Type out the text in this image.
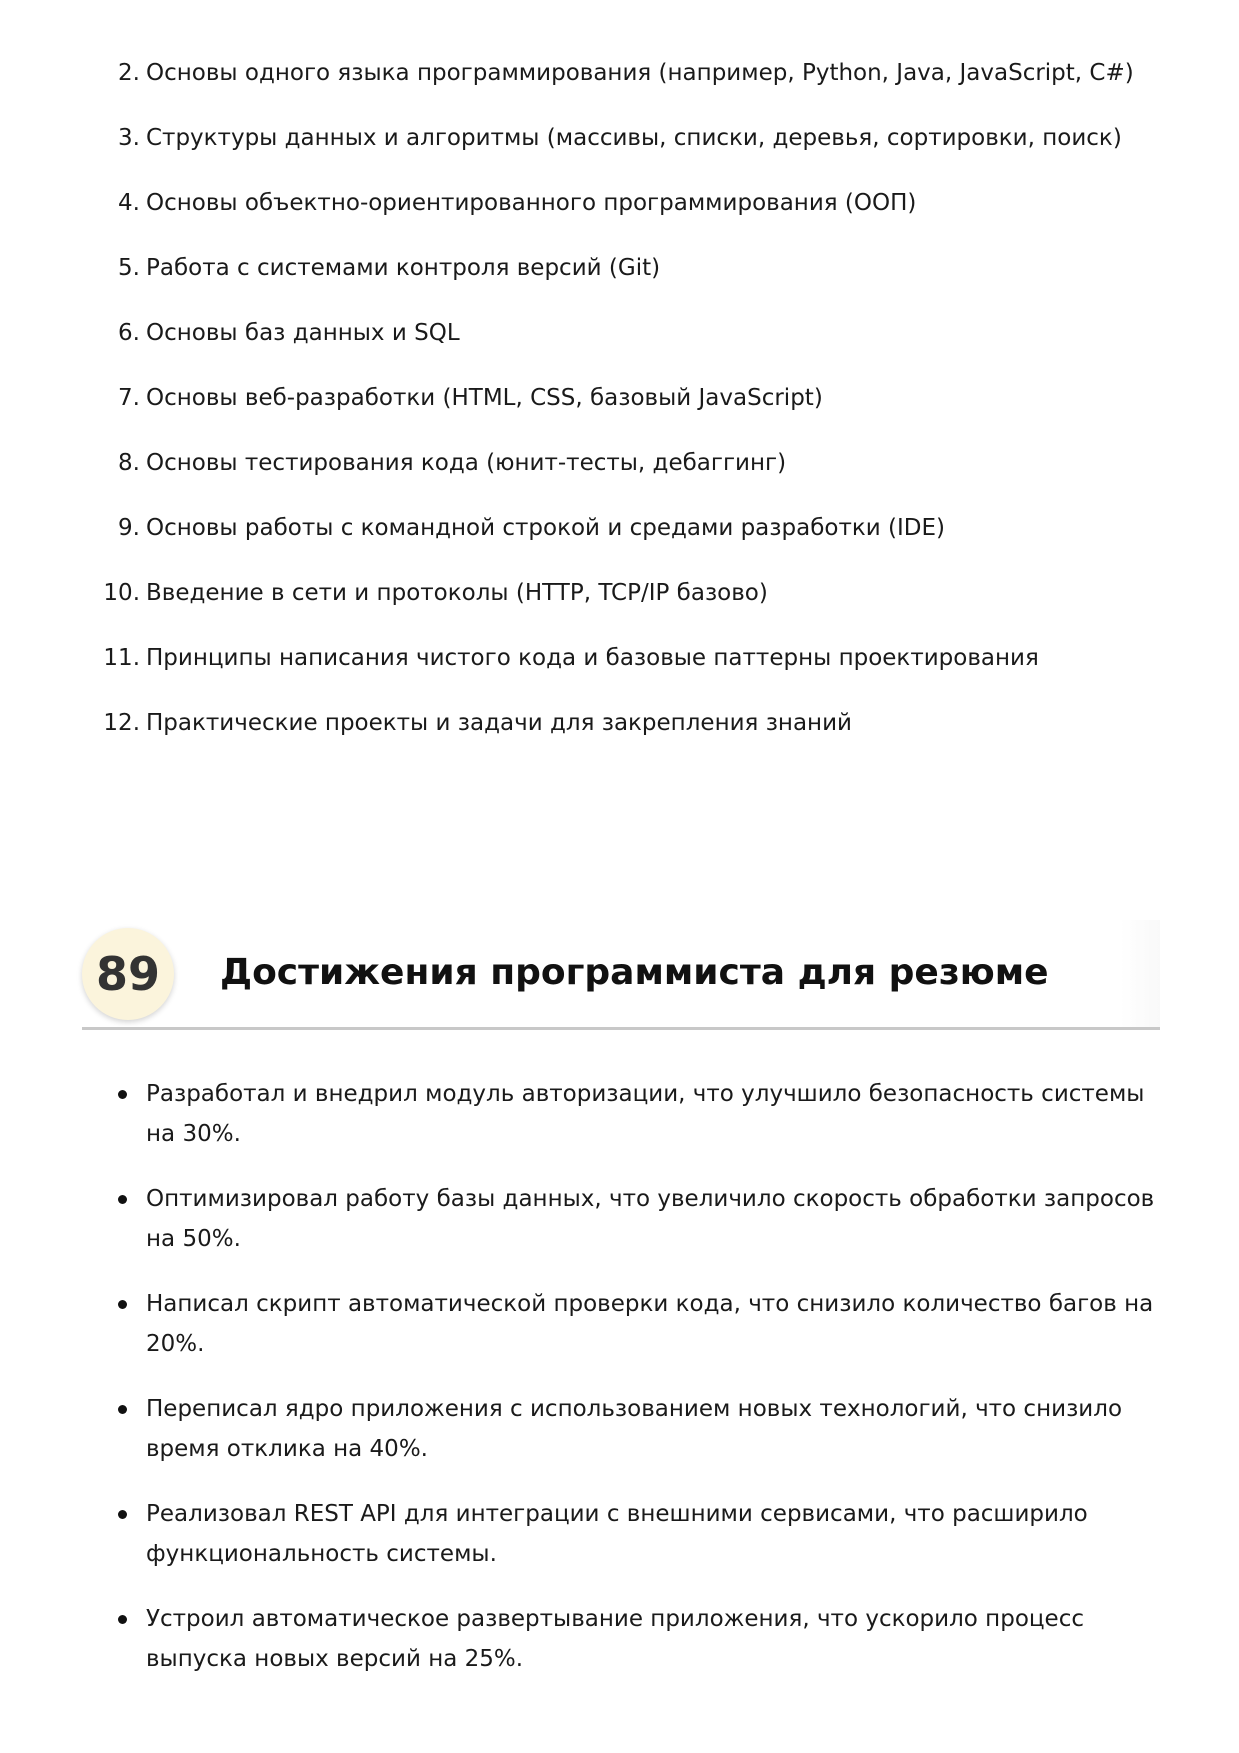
2. Основы одного языка программирования (например, Python, Java, JavaScript, C#)
3. Структуры данных и алгоритмы (массивы, списки, деревья, сортировки, поиск)
4. Основы объектно-ориентированного программирования (ООП)
5. Работа с системами контроля версий (Git)
6. Основы баз данных и SQL
7. Основы веб-разработки (HTML, CSS, базовый JavaScript)
8. Основы тестирования кода (юнит-тесты, дебаггинг)
9. Основы работы с командной строкой и средами разработки (IDE)
10. Введение в сети и протоколы (HTTP, TCP/IP базово)
11. Принципы написания чистого кода и базовые паттерны проектирования
12. Практические проекты и задачи для закрепления знаний
89	Достижения программиста для резюме
Разработал и внедрил модуль авторизации, что улучшило безопасность системы на 30%.
Оптимизировал работу базы данных, что увеличило скорость обработки запросов на 50%.
Написал скрипт автоматической проверки кода, что снизило количество багов на 20%.
Переписал ядро приложения с использованием новых технологий, что снизило время отклика на 40%.
Реализовал REST API для интеграции с внешними сервисами, что расширило функциональность системы.
Устроил автоматическое развертывание приложения, что ускорило процесс выпуска новых версий на 25%.
